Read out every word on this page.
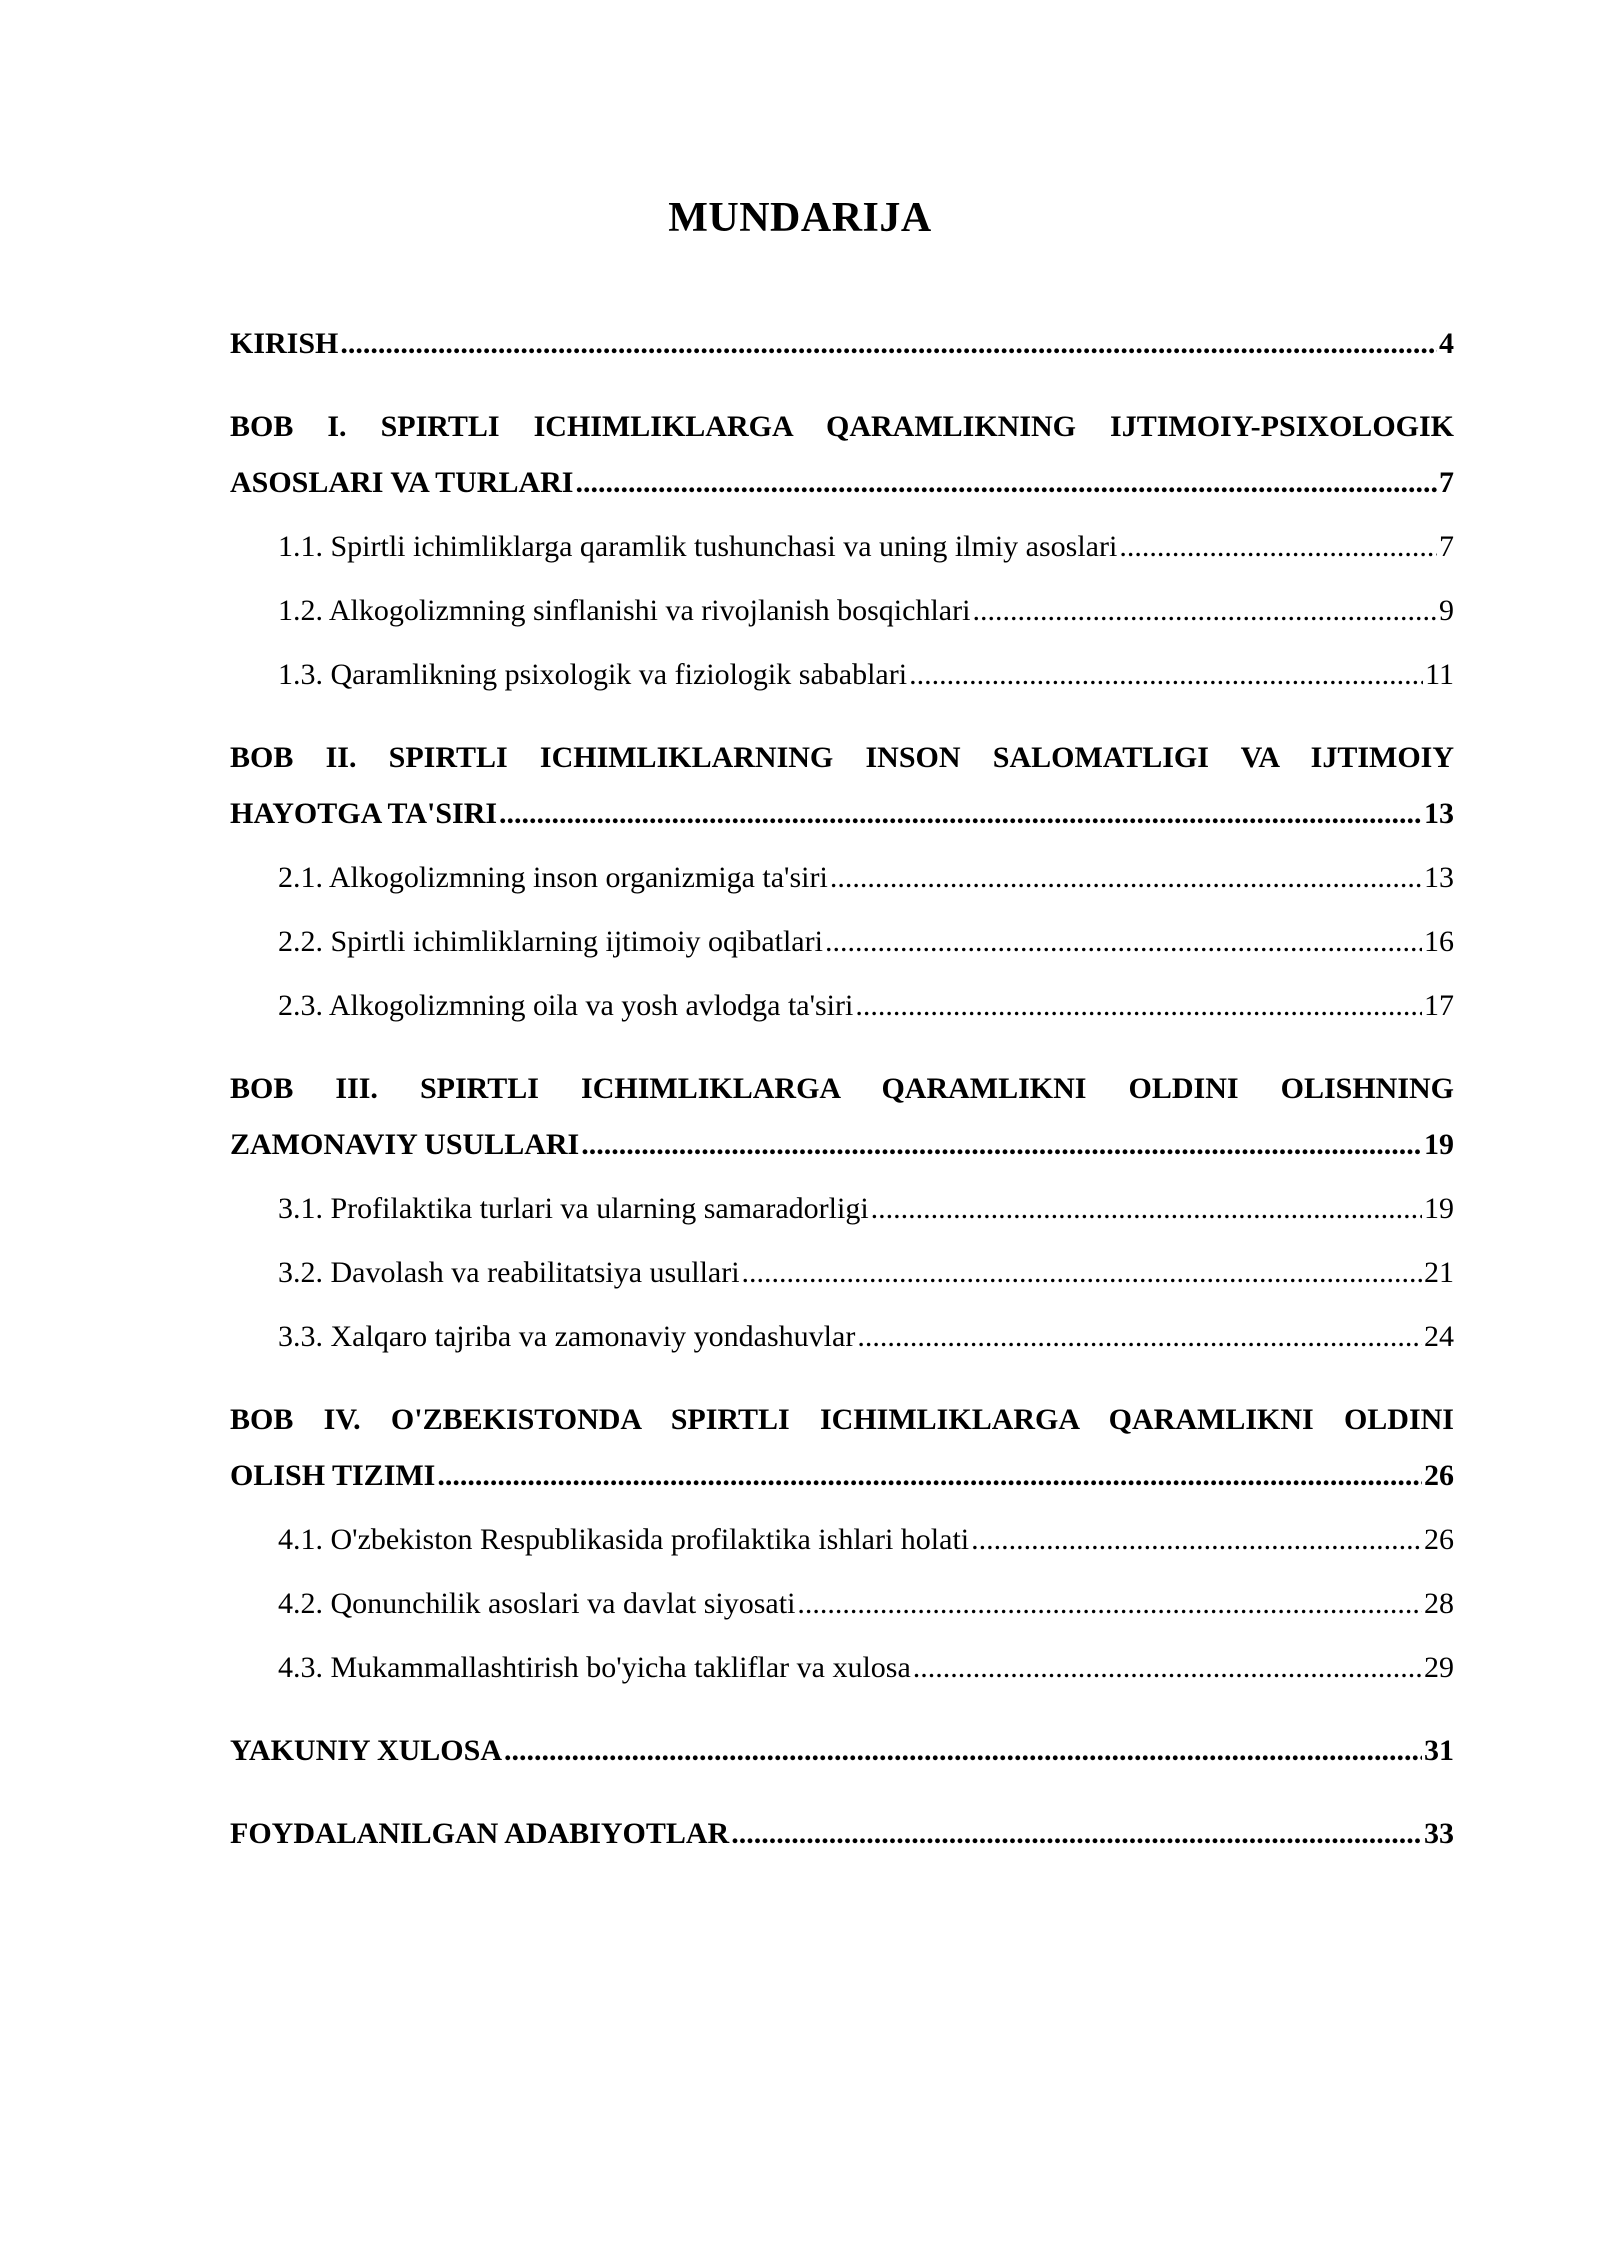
MUNDARIJA
KIRISH .....	4
BOB I. SPIRTLI ICHIMLIKLARGA QARAMLIKNING IJTIMOIY-PSIXOLOGIK
ASOSLARI VA TURLARI .....	7
1.1. Spirtli ichimliklarga qaramlik tushunchasi va uning ilmiy asoslari .....	7
1.2. Alkogolizmning sinflanishi va rivojlanish bosqichlari .....	9
1.3. Qaramlikning psixologik va fiziologik sabablari .....	11
BOB II. SPIRTLI ICHIMLIKLARNING INSON SALOMATLIGI VA IJTIMOIY
HAYOTGA TA'SIRI .....	13
2.1. Alkogolizmning inson organizmiga ta'siri .....	13
2.2. Spirtli ichimliklarning ijtimoiy oqibatlari .....	16
2.3. Alkogolizmning oila va yosh avlodga ta'siri .....	17
BOB III. SPIRTLI ICHIMLIKLARGA QARAMLIKNI OLDINI OLISHNING
ZAMONAVIY USULLARI .....	19
3.1. Profilaktika turlari va ularning samaradorligi .....	19
3.2. Davolash va reabilitatsiya usullari .....	21
3.3. Xalqaro tajriba va zamonaviy yondashuvlar .....	24
BOB IV. O'ZBEKISTONDA SPIRTLI ICHIMLIKLARGA QARAMLIKNI OLDINI
OLISH TIZIMI .....	26
4.1. O'zbekiston Respublikasida profilaktika ishlari holati .....	26
4.2. Qonunchilik asoslari va davlat siyosati .....	28
4.3. Mukammallashtirish bo'yicha takliflar va xulosa .....	29
YAKUNIY XULOSA .....	31
FOYDALANILGAN ADABIYOTLAR .....	33
